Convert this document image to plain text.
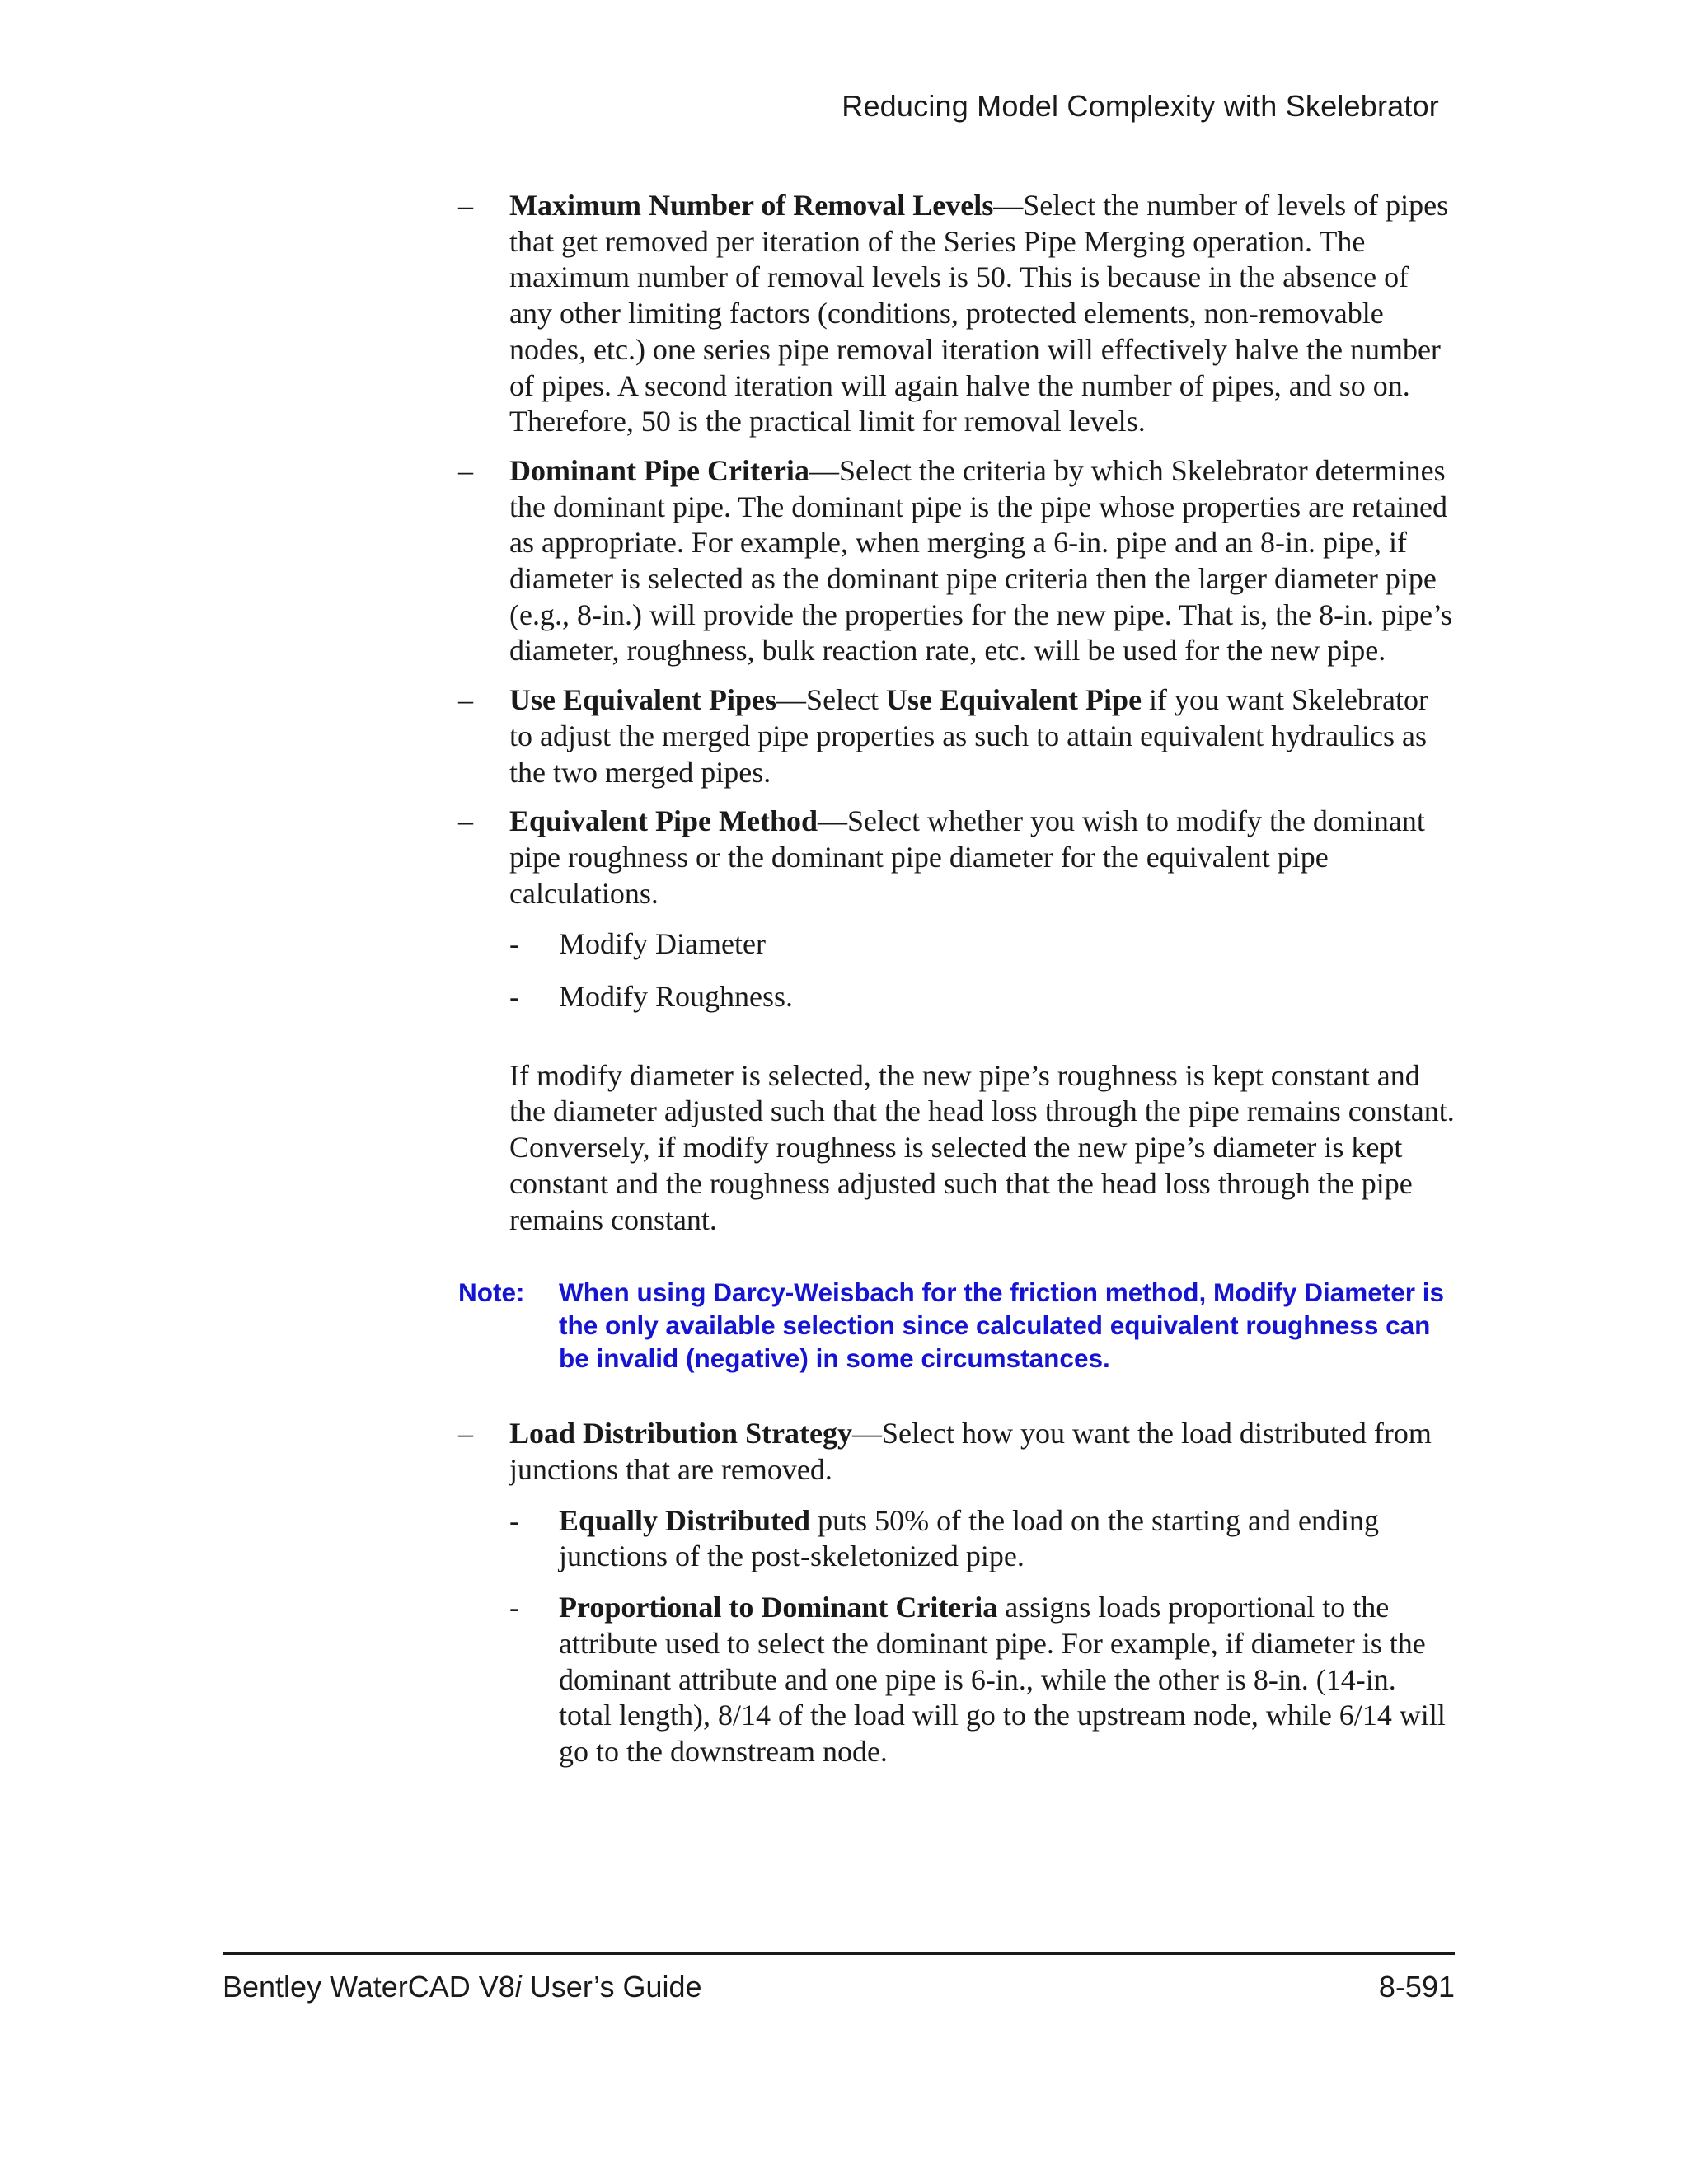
Reducing Model Complexity with Skelebrator
– Maximum Number of Removal Levels—Select the number of levels of pipes that get removed per iteration of the Series Pipe Merging operation. The maximum number of removal levels is 50. This is because in the absence of any other limiting factors (conditions, protected elements, non-removable nodes, etc.) one series pipe removal iteration will effectively halve the number of pipes. A second iteration will again halve the number of pipes, and so on. Therefore, 50 is the practical limit for removal levels.
– Dominant Pipe Criteria—Select the criteria by which Skelebrator determines the dominant pipe. The dominant pipe is the pipe whose properties are retained as appropriate. For example, when merging a 6-in. pipe and an 8-in. pipe, if diameter is selected as the dominant pipe criteria then the larger diameter pipe (e.g., 8-in.) will provide the properties for the new pipe. That is, the 8-in. pipe’s diameter, roughness, bulk reaction rate, etc. will be used for the new pipe.
– Use Equivalent Pipes—Select Use Equivalent Pipe if you want Skelebrator to adjust the merged pipe properties as such to attain equivalent hydraulics as the two merged pipes.
– Equivalent Pipe Method—Select whether you wish to modify the dominant pipe roughness or the dominant pipe diameter for the equivalent pipe calculations.
- Modify Diameter
- Modify Roughness.
If modify diameter is selected, the new pipe’s roughness is kept constant and the diameter adjusted such that the head loss through the pipe remains constant. Conversely, if modify roughness is selected the new pipe’s diameter is kept constant and the roughness adjusted such that the head loss through the pipe remains constant.
Note: When using Darcy-Weisbach for the friction method, Modify Diameter is the only available selection since calculated equivalent roughness can be invalid (negative) in some circumstances.
– Load Distribution Strategy—Select how you want the load distributed from junctions that are removed.
- Equally Distributed puts 50% of the load on the starting and ending junctions of the post-skeletonized pipe.
- Proportional to Dominant Criteria assigns loads proportional to the attribute used to select the dominant pipe. For example, if diameter is the dominant attribute and one pipe is 6-in., while the other is 8-in. (14-in. total length), 8/14 of the load will go to the upstream node, while 6/14 will go to the downstream node.
Bentley WaterCAD V8i User’s Guide	8-591
